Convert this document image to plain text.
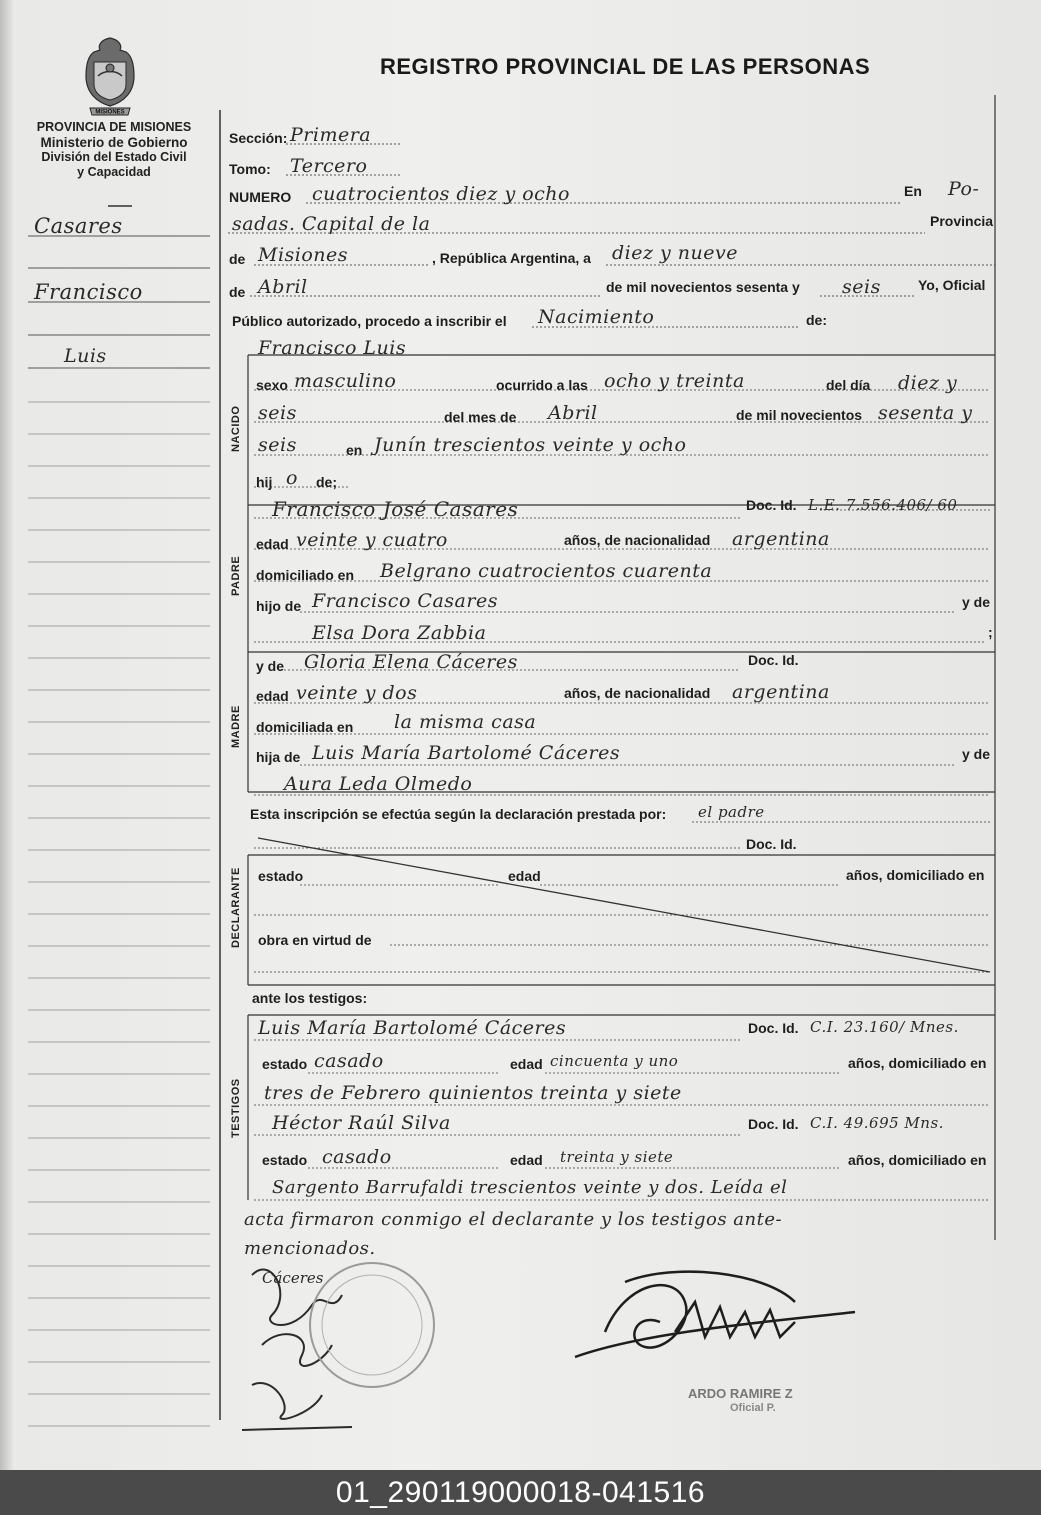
MISIONES
REGISTRO PROVINCIAL DE LAS PERSONAS
PROVINCIA DE MISIONES
Ministerio de Gobierno
División del Estado Civil
y Capacidad
Casares
Francisco
Luis
Sección: Primera
Tomo: Tercero
NUMERO cuatrocientos diez y ocho	En Po-
sadas. Capital de la	Provincia
de Misiones	, República Argentina, a diez y nueve
de Abril	de mil novecientos sesenta y seis	Yo, Oficial
Público autorizado, procedo a inscribir el Nacimiento	de:
NACIDO
Francisco Luis
sexo masculino	ocurrido a las ocho y treinta	del día diez y
seis	del mes de Abril	de mil novecientos sesenta y
seis	en Junín trescientos veinte y ocho
hij o de;
PADRE
Francisco José Casares	Doc. Id. L.E. 7.556.406/ 60
edad veinte y cuatro	años, de nacionalidad argentina
domiciliado en Belgrano cuatrocientos cuarenta
hijo de Francisco Casares	y de
Elsa Dora Zabbia	;
MADRE
y de Gloria Elena Cáceres	Doc. Id.
edad veinte y dos	años, de nacionalidad argentina
domiciliada en la misma casa
hija de Luis María Bartolomé Cáceres	y de
Aura Leda Olmedo
Esta inscripción se efectúa según la declaración prestada por: el padre
Doc. Id.
DECLARANTE estado	edad	años, domiciliado en
obra en virtud de
ante los testigos:
TESTIGOS
Luis María Bartolomé Cáceres	Doc. Id. C.I. 23.160/ Mnes.
estado casado	edad cincuenta y uno	años, domiciliado en
tres de Febrero quinientos treinta y siete
Héctor Raúl Silva	Doc. Id. C.I. 49.695 Mns.
estado casado	edad treinta y siete	años, domiciliado en
Sargento Barrufaldi trescientos veinte y dos. Leída el
acta firmaron conmigo el declarante y los testigos ante-
mencionados.
Cáceres
ARDO RAMIRE Z
Oficial P.
01_290119000018-041516
